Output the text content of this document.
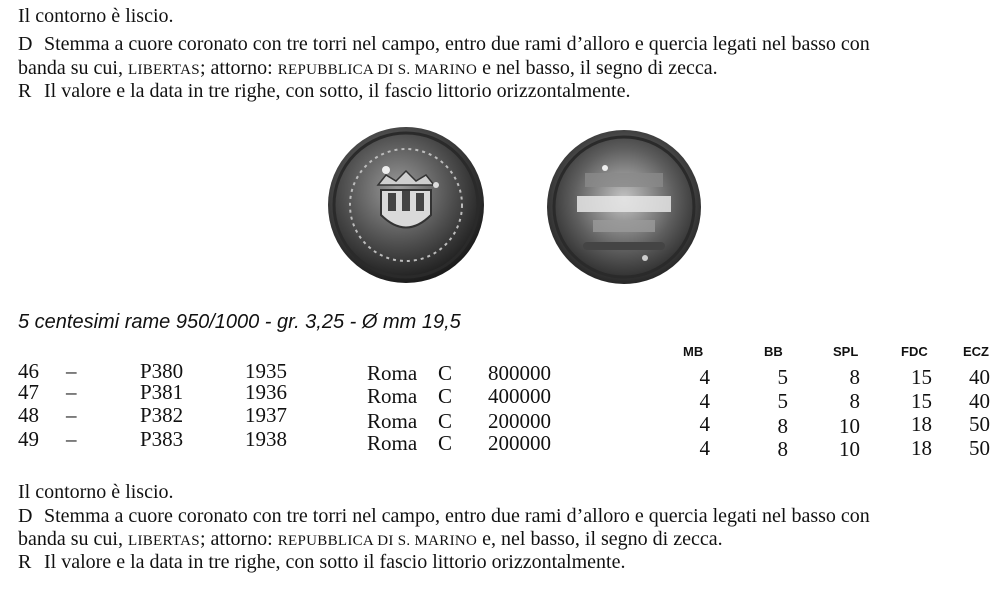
Il contorno è liscio.
D Stemma a cuore coronato con tre torri nel campo, entro due rami d’alloro e quercia legati nel basso con
banda su cui, LIBERTAS; attorno: REPUBBLICA DI S. MARINO e nel basso, il segno di zecca.
R Il valore e la data in tre righe, con sotto, il fascio littorio orizzontalmente.
5 centesimi rame 950/1000 - gr. 3,25 - Ø mm 19,5
MB	BB	SPL	FDC	ECZ
46 –	P380	1935	Roma C 800000	4	5	8	15	40
47 –	P381	1936	Roma C 400000	4	5	8	15	40
48 –	P382	1937	Roma C 200000	4	8	10	18	50
49 –	P383	1938	Roma C 200000	4	8	10	18	50
Il contorno è liscio.
D Stemma a cuore coronato con tre torri nel campo, entro due rami d’alloro e quercia legati nel basso con
banda su cui, LIBERTAS; attorno: REPUBBLICA DI S. MARINO e, nel basso, il segno di zecca.
R Il valore e la data in tre righe, con sotto il fascio littorio orizzontalmente.
